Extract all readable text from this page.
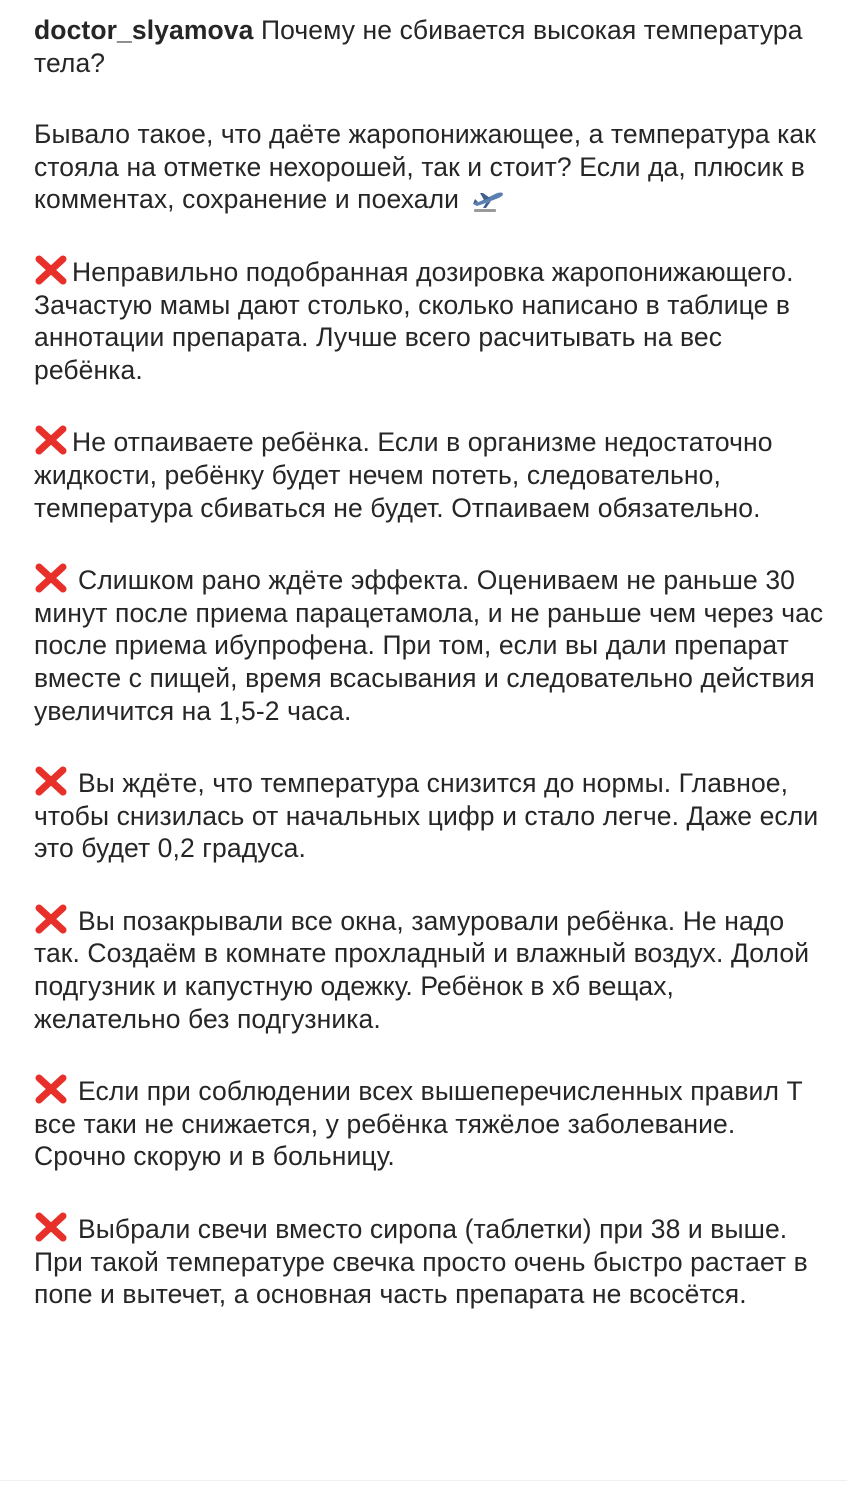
doctor_slyamova Почему не сбивается высокая температура тела?

Бывало такое, что даёте жаропонижающее, а температура как стояла на отметке нехорошей, так и стоит? Если да, плюсик в комментах, сохранение и поехали

Неправильно подобранная дозировка жаропонижающего. Зачастую мамы дают столько, сколько написано в таблице в аннотации препарата. Лучше всего расчитывать на вес ребёнка.

Не отпаиваете ребёнка. Если в организме недостаточно жидкости, ребёнку будет нечем потеть, следовательно, температура сбиваться не будет. Отпаиваем обязательно.

Слишком рано ждёте эффекта. Оцениваем не раньше 30 минут после приема парацетамола, и не раньше чем через час после приема ибупрофена. При том, если вы дали препарат вместе с пищей, время всасывания и следовательно действия увеличится на 1,5-2 часа.

Вы ждёте, что температура снизится до нормы. Главное, чтобы снизилась от начальных цифр и стало легче. Даже если это будет 0,2 градуса.

Вы позакрывали все окна, замуровали ребёнка. Не надо так. Создаём в комнате прохладный и влажный воздух. Долой подгузник и капустную одежку. Ребёнок в хб вещах, желательно без подгузника.

Если при соблюдении всех вышеперечисленных правил Т все таки не снижается, у ребёнка тяжёлое заболевание. Срочно скорую и в больницу.

Выбрали свечи вместо сиропа (таблетки) при 38 и выше. При такой температуре свечка просто очень быстро растает в попе и вытечет, а основная часть препарата не всосётся.
